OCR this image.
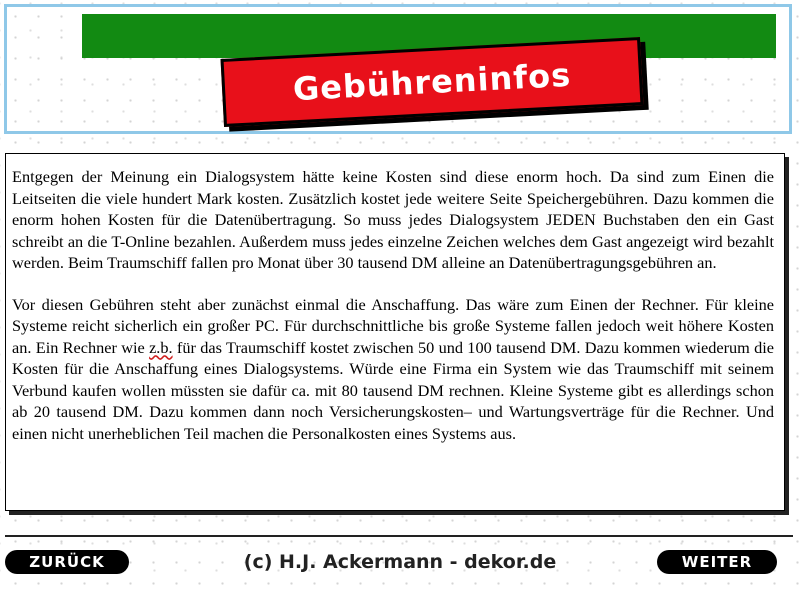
Gebühreninfos

Entgegen der Meinung ein Dialogsystem hätte keine Kosten sind diese enorm hoch. Da sind zum Einen die Leitseiten die viele hundert Mark kosten. Zusätzlich kostet jede weitere Seite Speichergebühren. Dazu kommen die enorm hohen Kosten für die Datenübertragung. So muss jedes Dialogsystem JEDEN Buchstaben den ein Gast schreibt an die T-Online bezahlen. Außerdem muss jedes einzelne Zeichen welches dem Gast angezeigt wird bezahlt werden. Beim Traumschiff fallen pro Monat über 30 tausend DM alleine an Datenübertragungsgebühren an.

Vor diesen Gebühren steht aber zunächst einmal die Anschaffung. Das wäre zum Einen der Rechner. Für kleine Systeme reicht sicherlich ein großer PC. Für durchschnittliche bis große Systeme fallen jedoch weit höhere Kosten an. Ein Rechner wie z.b. für das Traumschiff kostet zwischen 50 und 100 tausend DM. Dazu kommen wiederum die Kosten für die Anschaffung eines Dialogsystems. Würde eine Firma ein System wie das Traumschiff mit seinem Verbund kaufen wollen müssten sie dafür ca. mit 80 tausend DM rechnen. Kleine Systeme gibt es allerdings schon ab 20 tausend DM. Dazu kommen dann noch Versicherungskosten– und Wartungsverträge für die Rechner. Und einen nicht unerheblichen Teil machen die Personalkosten eines Systems aus.

ZURÜCK	(c) H.J. Ackermann - dekor.de	WEITER
